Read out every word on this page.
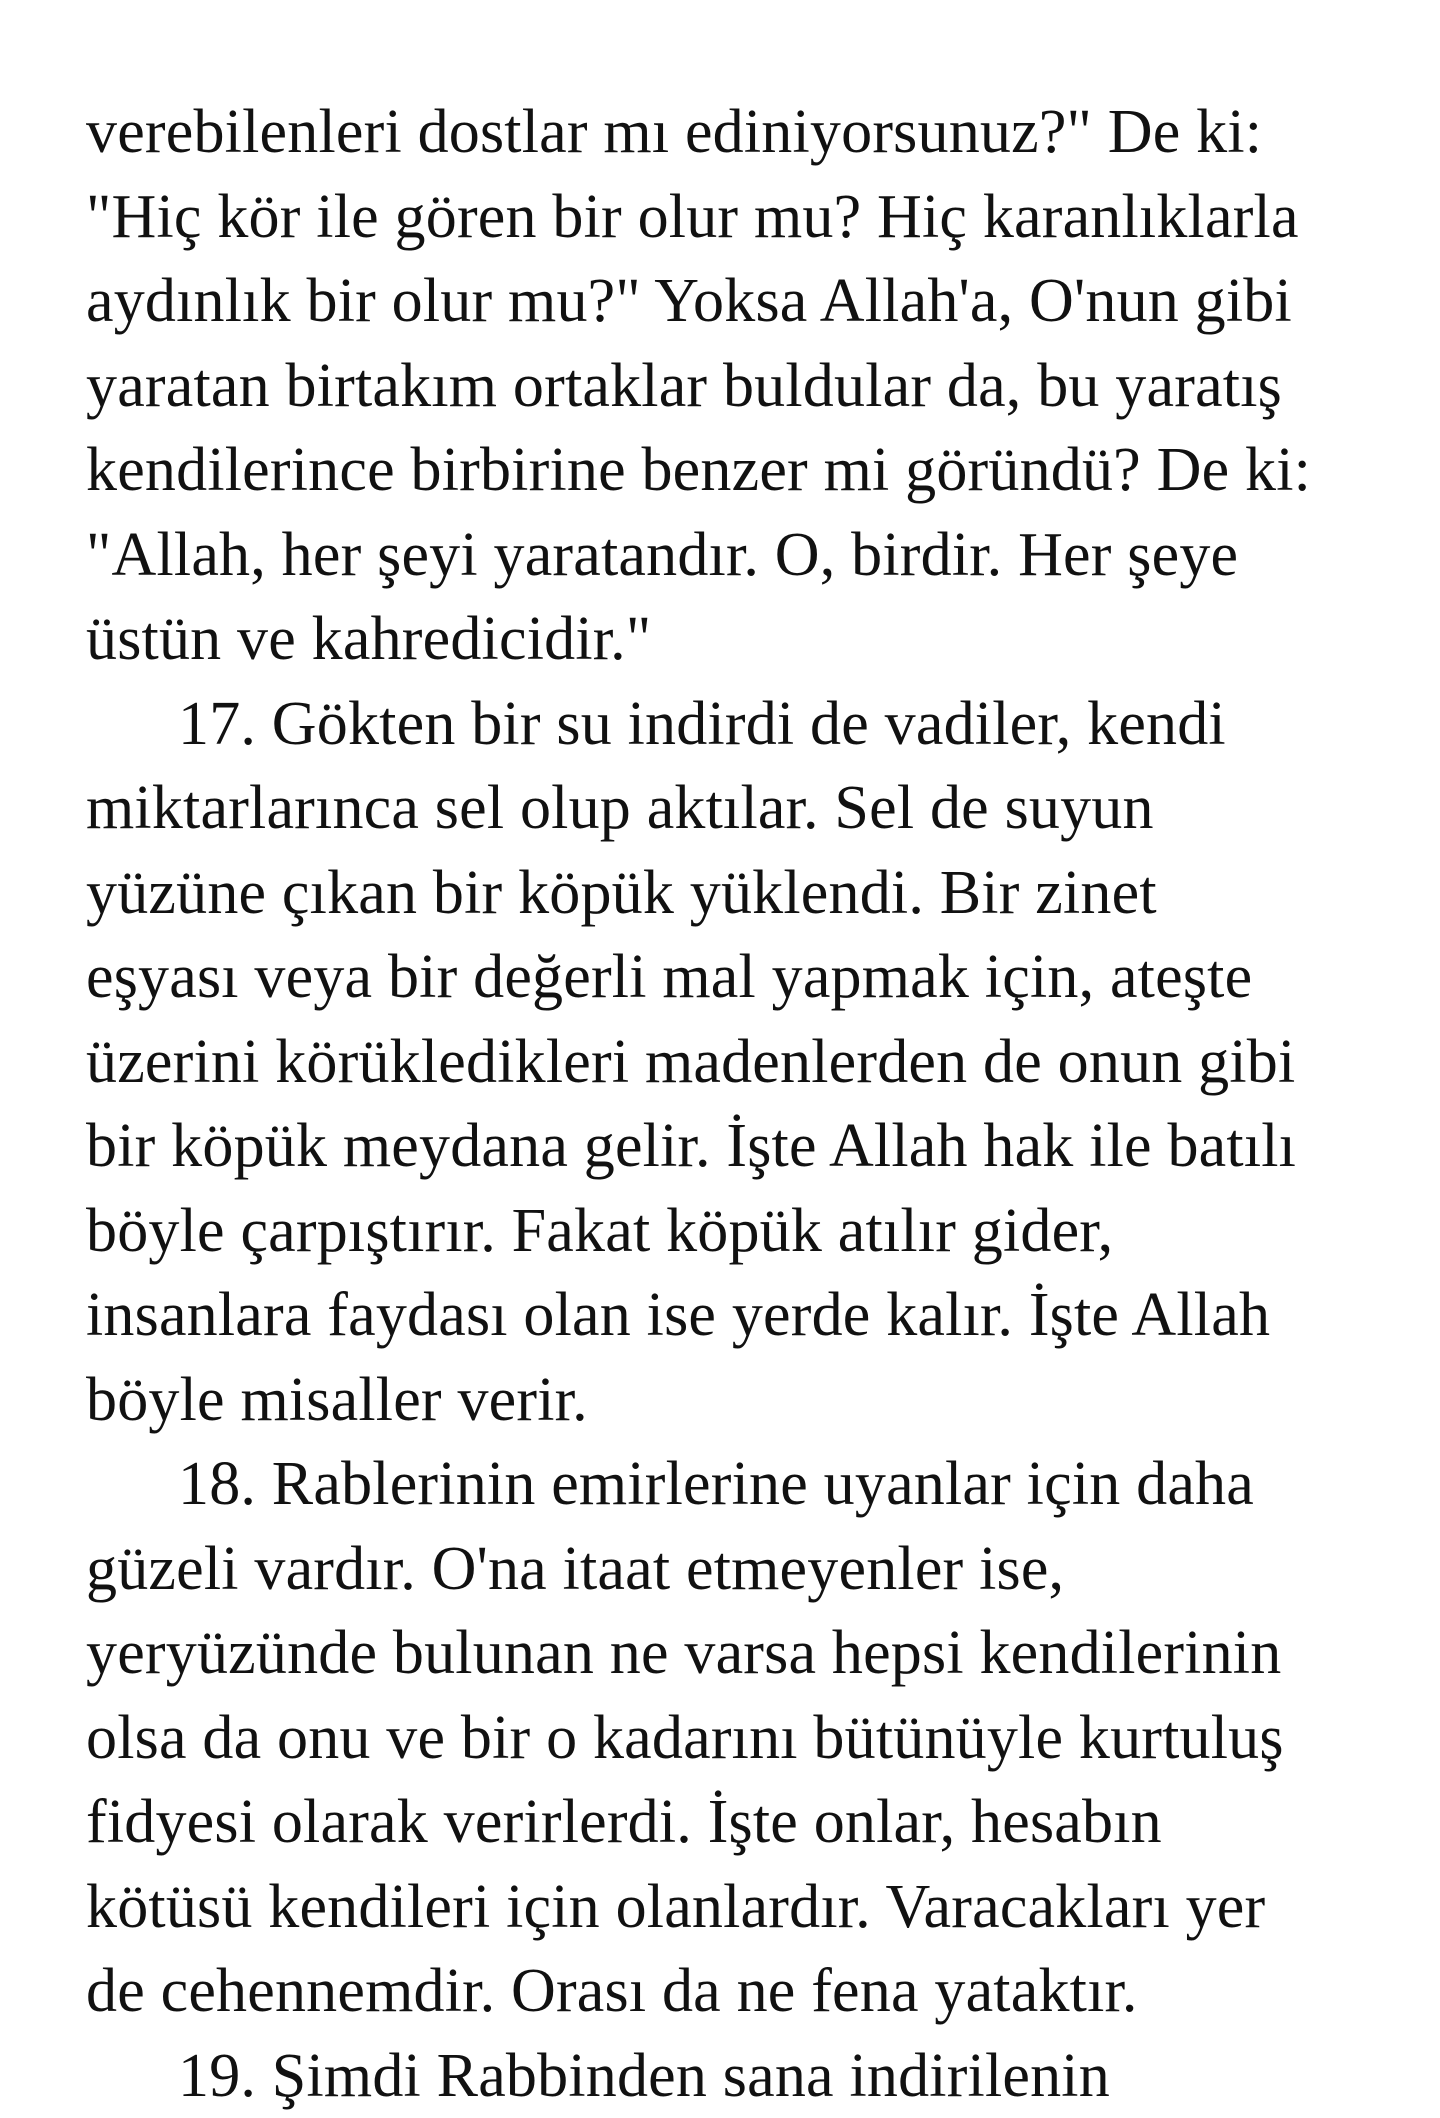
verebilenleri dostlar mı ediniyorsunuz?" De ki:
"Hiç kör ile gören bir olur mu? Hiç karanlıklarla
aydınlık bir olur mu?" Yoksa Allah'a, O'nun gibi
yaratan birtakım ortaklar buldular da, bu yaratış
kendilerince birbirine benzer mi göründü? De ki:
"Allah, her şeyi yaratandır. O, birdir. Her şeye
üstün ve kahredicidir."
17. Gökten bir su indirdi de vadiler, kendi
miktarlarınca sel olup aktılar. Sel de suyun
yüzüne çıkan bir köpük yüklendi. Bir zinet
eşyası veya bir değerli mal yapmak için, ateşte
üzerini körükledikleri madenlerden de onun gibi
bir köpük meydana gelir. İşte Allah hak ile batılı
böyle çarpıştırır. Fakat köpük atılır gider,
insanlara faydası olan ise yerde kalır. İşte Allah
böyle misaller verir.
18. Rablerinin emirlerine uyanlar için daha
güzeli vardır. O'na itaat etmeyenler ise,
yeryüzünde bulunan ne varsa hepsi kendilerinin
olsa da onu ve bir o kadarını bütünüyle kurtuluş
fidyesi olarak verirlerdi. İşte onlar, hesabın
kötüsü kendileri için olanlardır. Varacakları yer
de cehennemdir. Orası da ne fena yataktır.
19. Şimdi Rabbinden sana indirilenin
